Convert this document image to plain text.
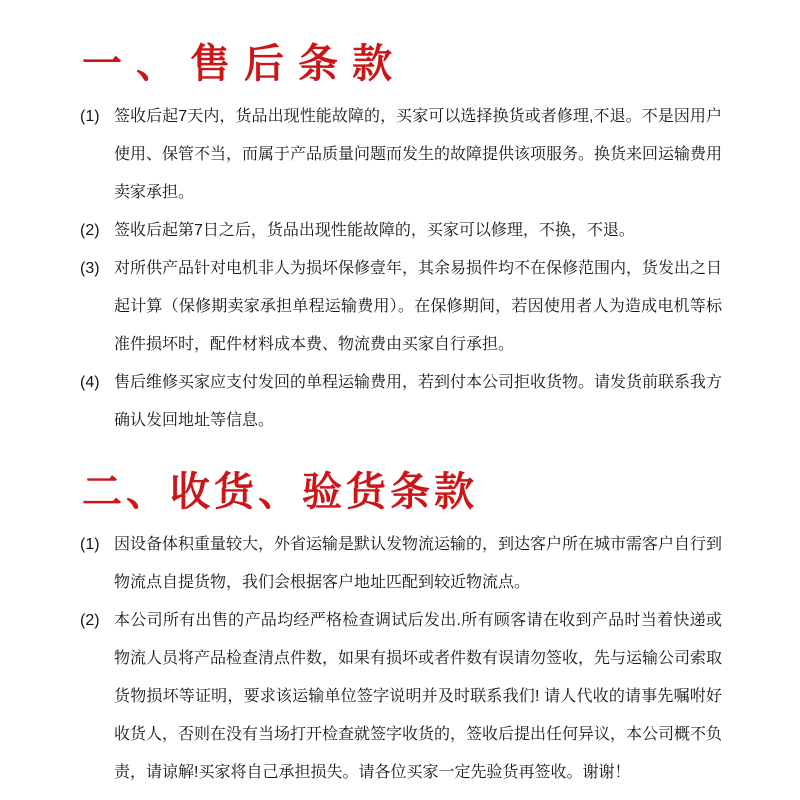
一、售后条款
(1) 签收后起7天内，货品出现性能故障的，买家可以选择换货或者修理,不退。不是因用户使用、保管不当，而属于产品质量问题而发生的故障提供该项服务。换货来回运输费用卖家承担。
(2) 签收后起第7日之后，货品出现性能故障的，买家可以修理，不换，不退。
(3) 对所供产品针对电机非人为损坏保修壹年，其余易损件均不在保修范围内，货发出之日起计算（保修期卖家承担单程运输费用）。在保修期间，若因使用者人为造成电机等标准件损坏时，配件材料成本费、物流费由买家自行承担。
(4) 售后维修买家应支付发回的单程运输费用，若到付本公司拒收货物。请发货前联系我方确认发回地址等信息。
二、收货、验货条款
(1) 因设备体积重量较大，外省运输是默认发物流运输的，到达客户所在城市需客户自行到物流点自提货物，我们会根据客户地址匹配到较近物流点。
(2) 本公司所有出售的产品均经严格检查调试后发出.所有顾客请在收到产品时当着快递或物流人员将产品检查清点件数，如果有损坏或者件数有误请勿签收，先与运输公司索取货物损坏等证明，要求该运输单位签字说明并及时联系我们! 请人代收的请事先嘱咐好收货人，否则在没有当场打开检查就签字收货的，签收后提出任何异议，本公司概不负责，请谅解!买家将自己承担损失。请各位买家一定先验货再签收。谢谢！
